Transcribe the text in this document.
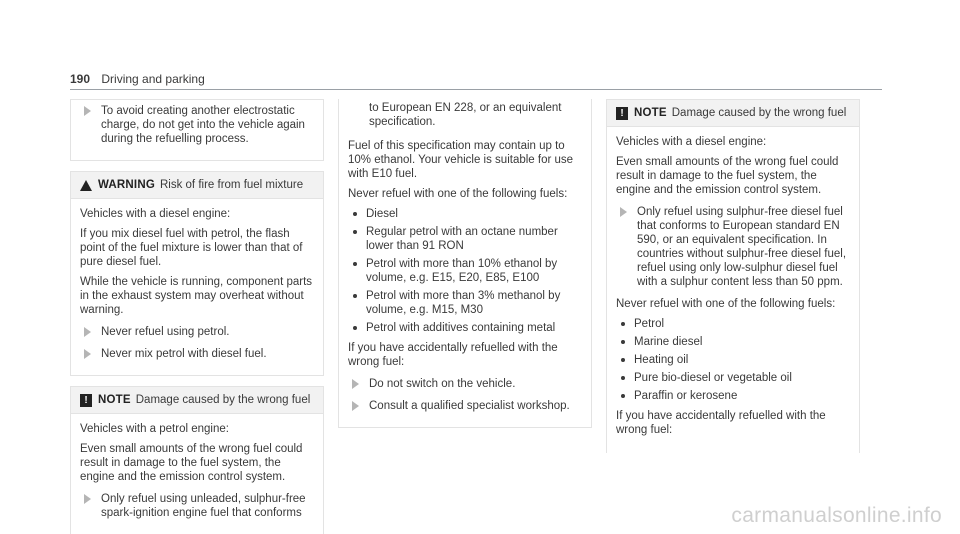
190 Driving and parking
To avoid creating another electrostatic charge, do not get into the vehicle again during the refuelling process.
WARNING Risk of fire from fuel mixture

Vehicles with a diesel engine:

If you mix diesel fuel with petrol, the flash point of the fuel mixture is lower than that of pure diesel fuel.

While the vehicle is running, component parts in the exhaust system may overheat without warning.

Never refuel using petrol.
Never mix petrol with diesel fuel.
! NOTE Damage caused by the wrong fuel

Vehicles with a petrol engine:

Even small amounts of the wrong fuel could result in damage to the fuel system, the engine and the emission control system.

Only refuel using unleaded, sulphur-free spark-ignition engine fuel that conforms

to European EN 228, or an equivalent specification.

Fuel of this specification may contain up to 10% ethanol. Your vehicle is suitable for use with E10 fuel.

Never refuel with one of the following fuels:

Diesel
Regular petrol with an octane number lower than 91 RON
Petrol with more than 10% ethanol by volume, e.g. E15, E20, E85, E100
Petrol with more than 3% methanol by volume, e.g. M15, M30
Petrol with additives containing metal

If you have accidentally refuelled with the wrong fuel:

Do not switch on the vehicle.
Consult a qualified specialist workshop.
! NOTE Damage caused by the wrong fuel

Vehicles with a diesel engine:

Even small amounts of the wrong fuel could result in damage to the fuel system, the engine and the emission control system.

Only refuel using sulphur-free diesel fuel that conforms to European standard EN 590, or an equivalent specification. In countries without sulphur-free diesel fuel, refuel using only low-sulphur diesel fuel with a sulphur content less than 50 ppm.

Never refuel with one of the following fuels:

Petrol
Marine diesel
Heating oil
Pure bio-diesel or vegetable oil
Paraffin or kerosene

If you have accidentally refuelled with the wrong fuel:

carmanualsonline.info
